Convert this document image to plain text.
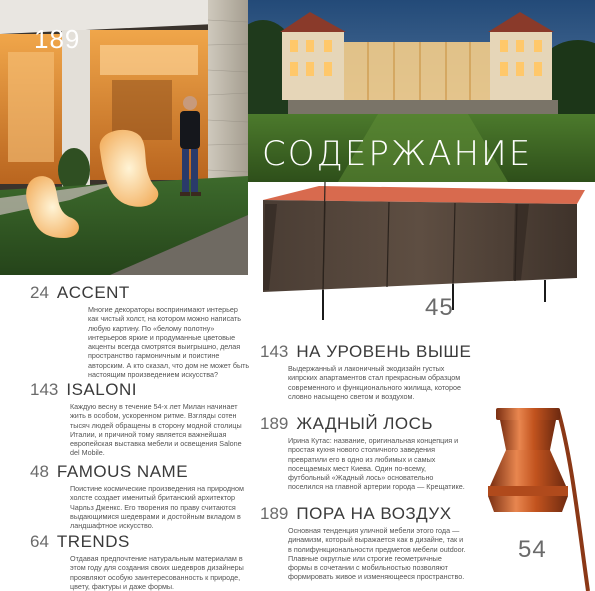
189
СОДЕРЖАНИЕ
45
54
24 ACCENT
Многие декораторы воспринимают интерьер как чистый холст, на котором можно написать любую картину. По «белому полотну» интерьеров яркие и продуманные цветовые акценты всегда смотрятся выигрышно, делая пространство гармоничным и поистине авторским. А кто сказал, что дом не может быть настоящим произведением искусства?
143 ISALONI
Каждую весну в течение 54-х лет Милан начинает жить в особом, ускоренном ритме. Взгляды сотен тысяч людей обращены в сторону модной столицы Италии, и причиной тому является важнейшая европейская выставка мебели и освещения Salone del Mobile.
48 FAMOUS NAME
Поистине космические произведения на природном холсте создает именитый британский архитектор Чарльз Дженкс. Его творения по праву считаются выдающимися шедеврами и достойным вкладом в ландшафтное искусство.
64 TRENDS
Отдавая предпочтение натуральным материалам в этом году для создания своих шедевров дизайнеры проявляют особую заинтересованность к природе, цвету, фактуры и даже формы.
143 НА УРОВЕНЬ ВЫШЕ
Выдержанный и лаконичный экодизайн густых кипрских апартаментов стал прекрасным образцом современного и функционального жилища, которое словно насыщено светом и воздухом.
189 ЖАДНЫЙ ЛОСЬ
Ирина Кутас: название, оригинальная концепция и простая кухня нового столичного заведения превратили его в одно из любимых и самых посещаемых мест Киева. Один по-всему, футбольный «Жадный лось» основательно поселился на главной артерии города — Крещатике.
189 ПОРА НА ВОЗДУХ
Основная тенденция уличной мебели этого года — динамизм, который выражается как в дизайне, так и в полифункциональности предметов мебели outdoor. Плавные округлые или строгие геометричные формы в сочетании с мобильностью позволяют формировать живое и изменяющееся пространство.
